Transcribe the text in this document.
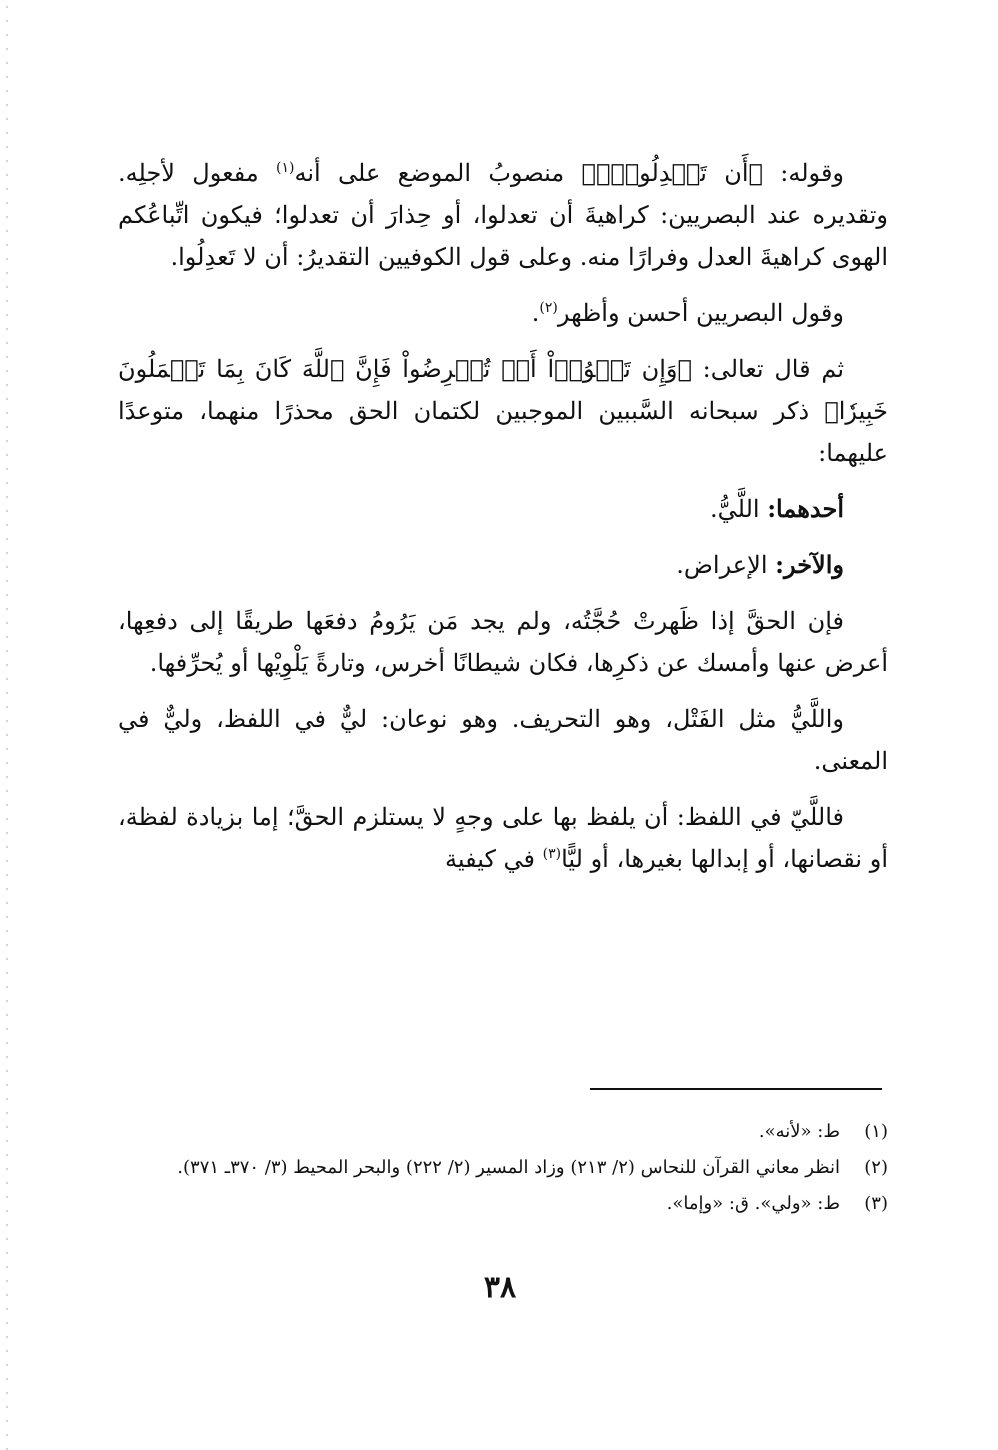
وقوله: ﴿أَن تَعۡدِلُواْۚ﴾ منصوبُ الموضع على أنه$^{(١)}$ مفعول لأجلِه. وتقديره عند البصريين: كراهيةَ أن تعدلوا، أو حِذارَ أن تعدلوا؛ فيكون اتِّباعُكم الهوى كراهيةَ العدل وفرارًا منه. وعلى قول الكوفيين التقديرُ: أن لا تَعدِلُوا.

وقول البصريين أحسن وأظهر$^{(٢)}$.

ثم قال تعالى: ﴿وَإِن تَلۡوُۥٓاْ أَوۡ تُعۡرِضُواْ فَإِنَّ ٱللَّهَ كَانَ بِمَا تَعۡمَلُونَ خَبِيرٗا﴾ ذكر سبحانه السَّببين الموجبين لكتمان الحق محذرًا منهما، متوعدًا عليهما:

أحدهما: اللَّيُّ.

والآخر: الإعراض.

فإن الحقَّ إذا ظَهرتْ حُجَّتُه، ولم يجد مَن يَرُومُ دفعَها طريقًا إلى دفعِها، أعرض عنها وأمسك عن ذكرِها، فكان شيطانًا أخرس، وتارةً يَلْوِيْها أو يُحرِّفها.

واللَّيُّ مثل الفَتْل، وهو التحريف. وهو نوعان: ليٌّ في اللفظ، وليٌّ في المعنى.

فاللَّيّ في اللفظ: أن يلفظ بها على وجهٍ لا يستلزم الحقَّ؛ إما بزيادة لفظة، أو نقصانها، أو إبدالها بغيرها، أو ليًّا$^{(٣)}$ في كيفية

(١)
ط: «لأنه».
(٢)
انظر معاني القرآن للنحاس (٢/ ٢١٣) وزاد المسير (٢/ ٢٢٢) والبحر المحيط (٣/ ٣٧٠ـ ٣٧١).
(٣)
ط: «ولي». ق: «وإما».
٣٨
